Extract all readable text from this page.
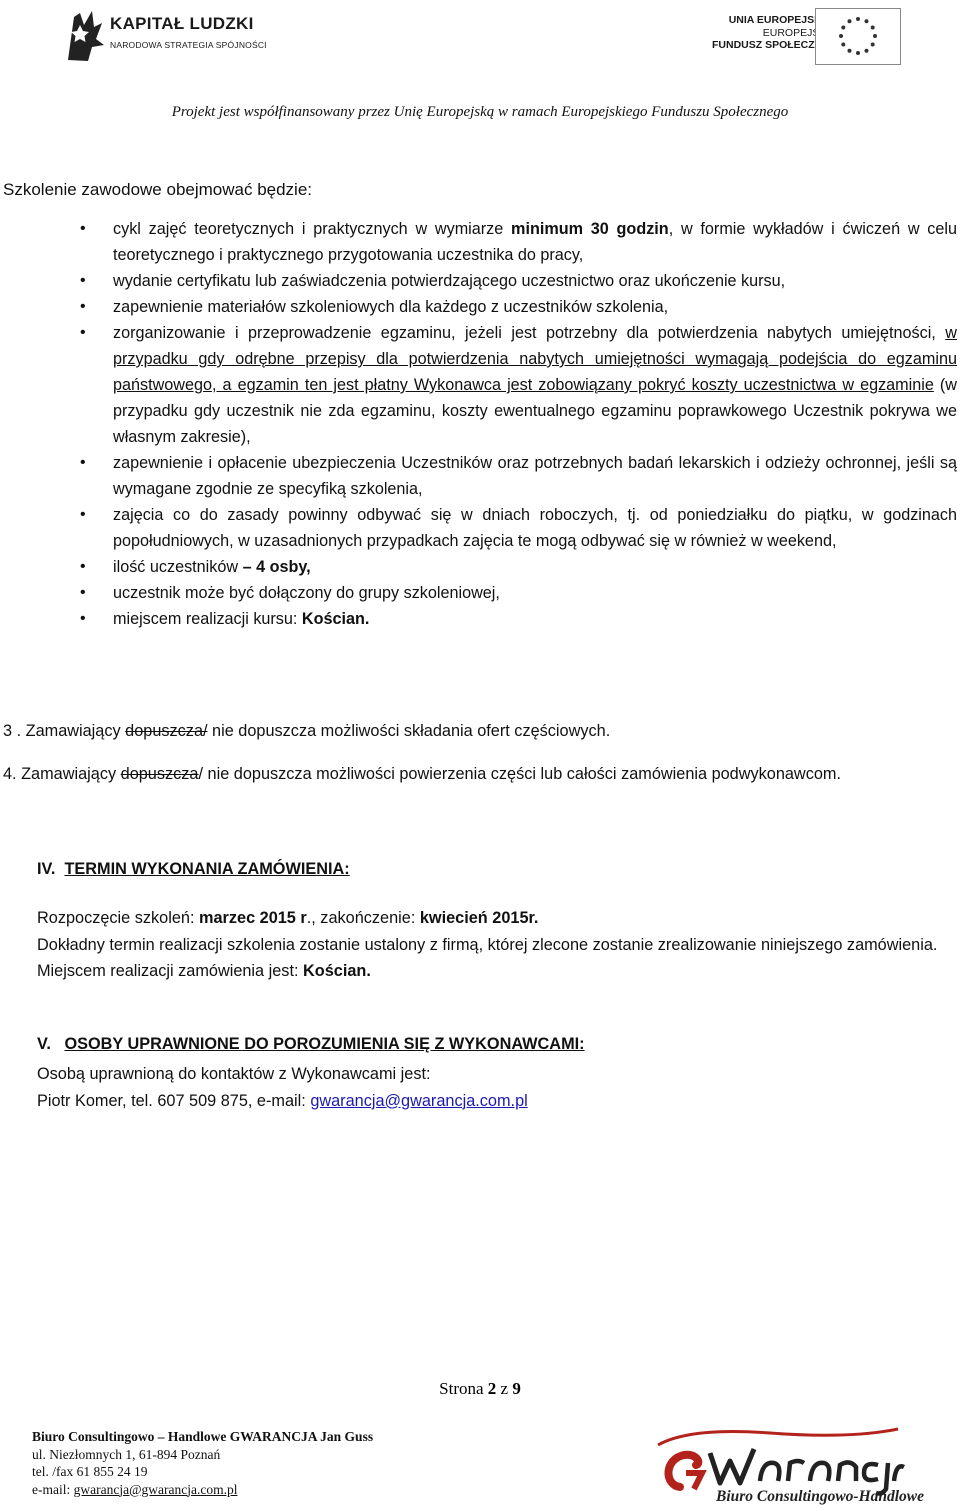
KAPITAŁ LUDZKI
NARODOWA STRATEGIA SPÓJNOŚCI
UNIA EUROPEJSKA
EUROPEJSKI
FUNDUSZ SPOŁECZNY
Projekt jest współfinansowany przez Unię Europejską w ramach Europejskiego Funduszu Społecznego
Szkolenie zawodowe obejmować będzie:
• cykl zajęć teoretycznych i praktycznych w wymiarze minimum 30 godzin, w formie wykładów i ćwiczeń w celu teoretycznego i praktycznego przygotowania uczestnika do pracy,
• wydanie certyfikatu lub zaświadczenia potwierdzającego uczestnictwo oraz ukończenie kursu,
• zapewnienie materiałów szkoleniowych dla każdego z uczestników szkolenia,
• zorganizowanie i przeprowadzenie egzaminu, jeżeli jest potrzebny dla potwierdzenia nabytych umiejętności, w przypadku gdy odrębne przepisy dla potwierdzenia nabytych umiejętności wymagają podejścia do egzaminu państwowego, a egzamin ten jest płatny Wykonawca jest zobowiązany pokryć koszty uczestnictwa w egzaminie (w przypadku gdy uczestnik nie zda egzaminu, koszty ewentualnego egzaminu poprawkowego Uczestnik pokrywa we własnym zakresie),
• zapewnienie i opłacenie ubezpieczenia Uczestników oraz potrzebnych badań lekarskich i odzieży ochronnej, jeśli są wymagane zgodnie ze specyfiką szkolenia,
• zajęcia co do zasady powinny odbywać się w dniach roboczych, tj. od poniedziałku do piątku, w godzinach popołudniowych, w uzasadnionych przypadkach zajęcia te mogą odbywać się w również w weekend,
• ilość uczestników – 4 osby,
• uczestnik może być dołączony do grupy szkoleniowej,
• miejscem realizacji kursu: Kościan.
3 . Zamawiający dopuszcza/ nie dopuszcza możliwości składania ofert częściowych.
4. Zamawiający dopuszcza/ nie dopuszcza możliwości powierzenia części lub całości zamówienia podwykonawcom.
IV. TERMIN WYKONANIA ZAMÓWIENIA:
Rozpoczęcie szkoleń: marzec 2015 r., zakończenie: kwiecień 2015r.
Dokładny termin realizacji szkolenia zostanie ustalony z firmą, której zlecone zostanie zrealizowanie niniejszego zamówienia.
Miejscem realizacji zamówienia jest: Kościan.
V. OSOBY UPRAWNIONE DO POROZUMIENIA SIĘ Z WYKONAWCAMI:
Osobą uprawnioną do kontaktów z Wykonawcami jest:
Piotr Komer, tel. 607 509 875, e-mail: gwarancja@gwarancja.com.pl
Strona 2 z 9
Biuro Consultingowo – Handlowe GWARANCJA Jan Guss
ul. Niezłomnych 1, 61-894 Poznań
tel. /fax 61 855 24 19
e-mail: gwarancja@gwarancja.com.pl	Biuro Consultingowo-Handlowe
